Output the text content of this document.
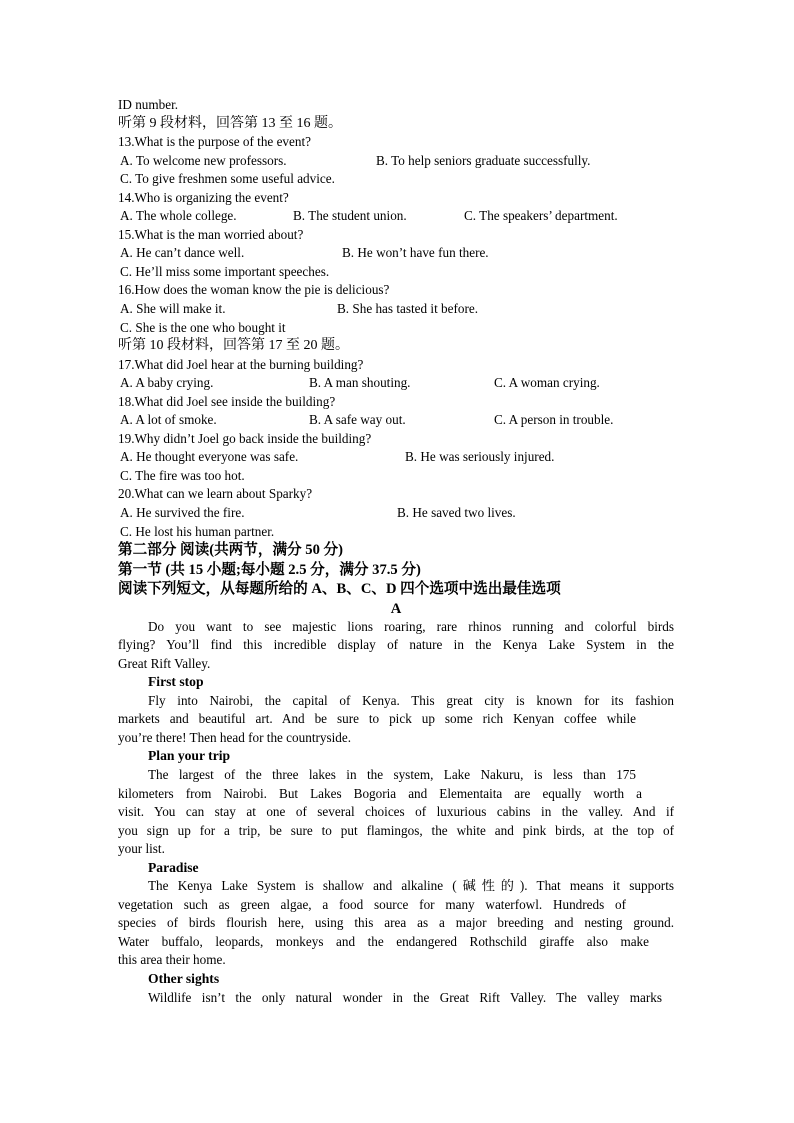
ID number.
听第 9 段材料，回答第 13 至 16 题。
13.What is the purpose of the event?
A. To welcome new professors.	B. To help seniors graduate successfully.
C. To give freshmen some useful advice.
14.Who is organizing the event?
A. The whole college.	B. The student union.	C. The speakers’ department.
15.What is the man worried about?
A. He can’t dance well.	B. He won’t have fun there.
C. He’ll miss some important speeches.
16.How does the woman know the pie is delicious?
A. She will make it.	B. She has tasted it before.
C. She is the one who bought it
听第 10 段材料，回答第 17 至 20 题。
17.What did Joel hear at the burning building?
A. A baby crying.	B. A man shouting.	C. A woman crying.
18.What did Joel see inside the building?
A. A lot of smoke.	B. A safe way out.	C. A person in trouble.
19.Why didn’t Joel go back inside the building?
A. He thought everyone was safe.	B. He was seriously injured.
C. The fire was too hot.
20.What can we learn about Sparky?
A. He survived the fire.	B. He saved two lives.
C. He lost his human partner.
第二部分 阅读(共两节，满分 50 分)
第一节 (共 15 小题;每小题 2.5 分，满分 37.5 分)
阅读下列短文，从每题所给的 A、B、C、D 四个选项中选出最佳选项
A
Do you want to see majestic lions roaring, rare rhinos running and colorful birds
flying? You’ll find this incredible display of nature in the Kenya Lake System in the
Great Rift Valley.
First stop
Fly into Nairobi, the capital of Kenya. This great city is known for its fashion
markets and beautiful art. And be sure to pick up some rich Kenyan coffee while
you’re there! Then head for the countryside.
Plan your trip
The largest of the three lakes in the system, Lake Nakuru, is less than 175
kilometers from Nairobi. But Lakes Bogoria and Elementaita are equally worth a
visit. You can stay at one of several choices of luxurious cabins in the valley. And if
you sign up for a trip, be sure to put flamingos, the white and pink birds, at the top of
your list.
Paradise
The Kenya Lake System is shallow and alkaline (碱性的). That means it supports
vegetation such as green algae, a food source for many waterfowl. Hundreds of
species of birds flourish here, using this area as a major breeding and nesting ground.
Water buffalo, leopards, monkeys and the endangered Rothschild giraffe also make
this area their home.
Other sights
Wildlife isn’t the only natural wonder in the Great Rift Valley. The valley marks
